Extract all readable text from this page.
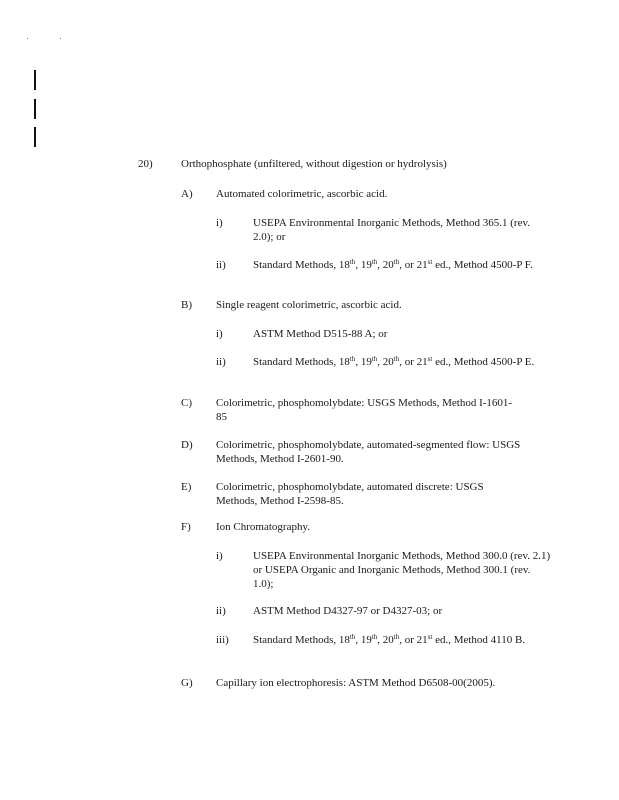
20)	Orthophosphate (unfiltered, without digestion or hydrolysis)
A) Automated colorimetric, ascorbic acid.
i)	USEPA Environmental Inorganic Methods, Method 365.1 (rev. 2.0); or
ii) Standard Methods, 18th, 19th, 20th, or 21st ed., Method 4500-P F.
B) Single reagent colorimetric, ascorbic acid.
i)	ASTM Method D515-88 A; or
ii) Standard Methods, 18th, 19th, 20th, or 21st ed., Method 4500-P E.
C) Colorimetric, phosphomolybdate: USGS Methods, Method I-1601-85
D) Colorimetric, phosphomolybdate, automated-segmented flow: USGS Methods, Method I-2601-90.
E) Colorimetric, phosphomolybdate, automated discrete: USGS Methods, Method I-2598-85.
F) Ion Chromatography.
i)	USEPA Environmental Inorganic Methods, Method 300.0 (rev. 2.1) or USEPA Organic and Inorganic Methods, Method 300.1 (rev. 1.0);
ii) ASTM Method D4327-97 or D4327-03; or
iii) Standard Methods, 18th, 19th, 20th, or 21st ed., Method 4110 B.
G) Capillary ion electrophoresis: ASTM Method D6508-00(2005).
